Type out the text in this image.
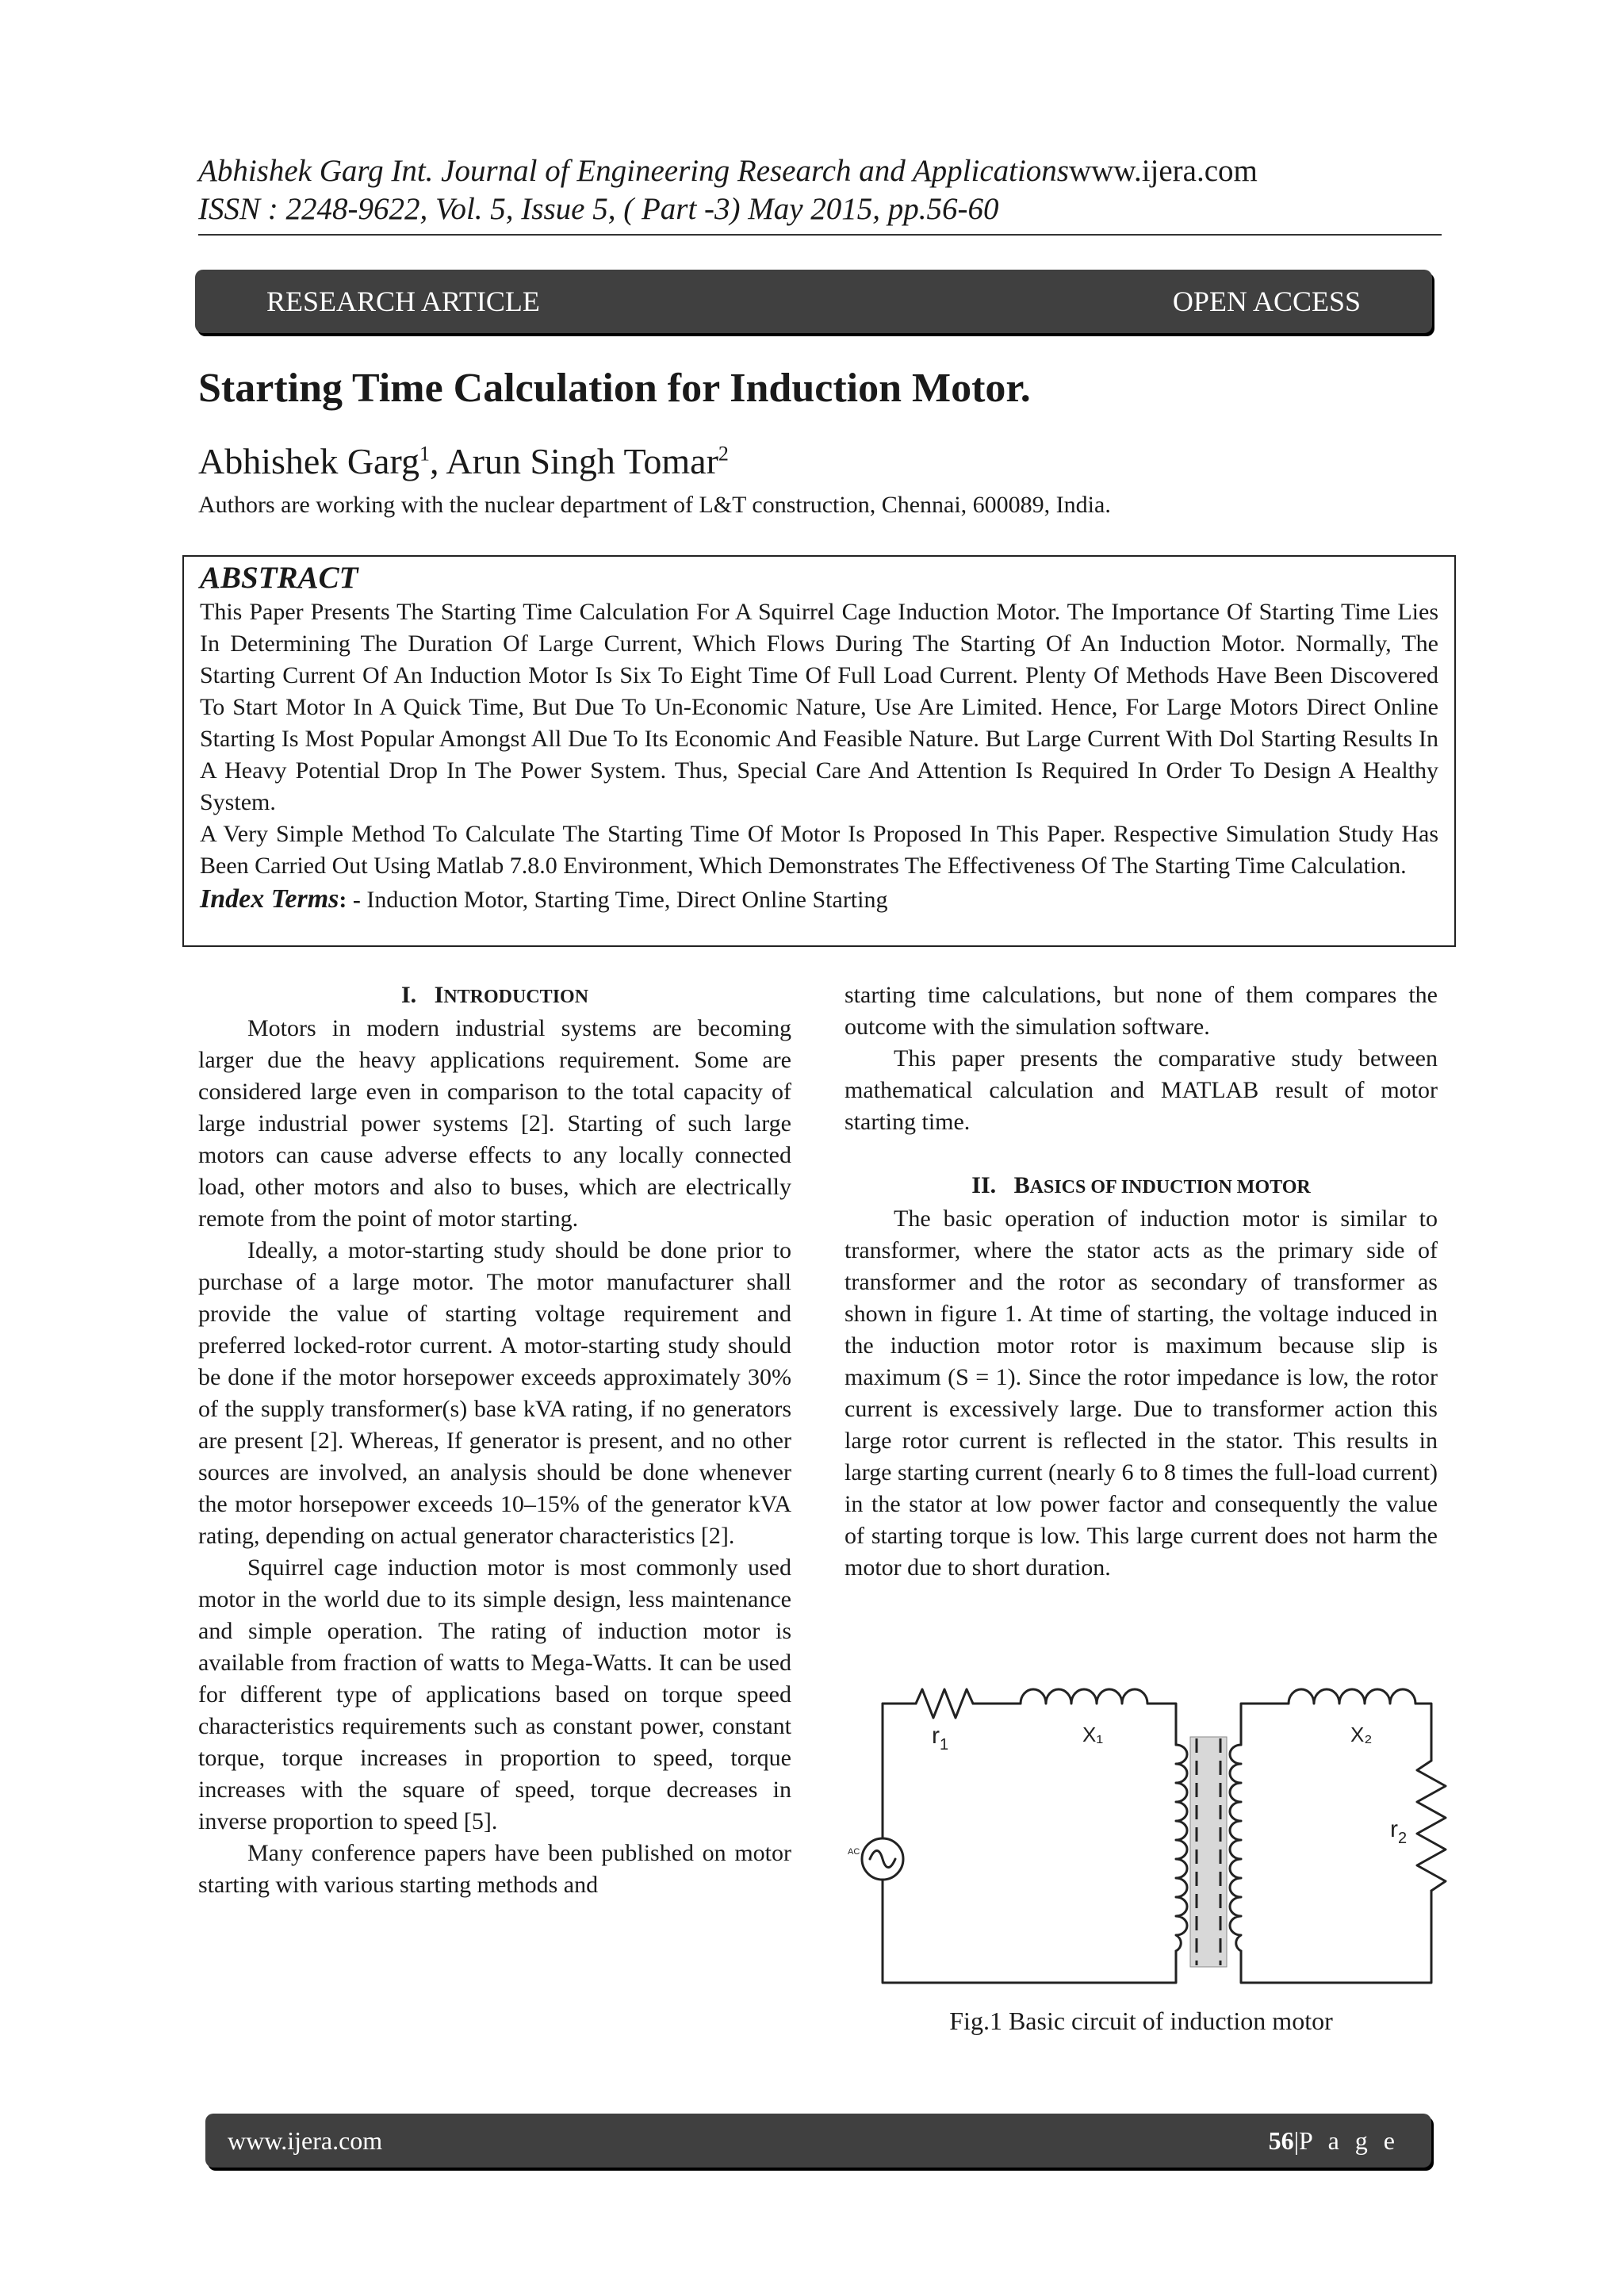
Abhishek Garg Int. Journal of Engineering Research and Applicationswww.ijera.com
ISSN : 2248-9622, Vol. 5, Issue 5, ( Part -3) May 2015, pp.56-60
RESEARCH ARTICLE	OPEN ACCESS
Starting Time Calculation for Induction Motor.
Abhishek Garg$^1$, Arun Singh Tomar$^2$
Authors are working with the nuclear department of L&T construction, Chennai, 600089, India.
ABSTRACT

This Paper Presents The Starting Time Calculation For A Squirrel Cage Induction Motor. The Importance Of Starting Time Lies In Determining The Duration Of Large Current, Which Flows During The Starting Of An Induction Motor. Normally, The Starting Current Of An Induction Motor Is Six To Eight Time Of Full Load Current. Plenty Of Methods Have Been Discovered To Start Motor In A Quick Time, But Due To Un-Economic Nature, Use Are Limited. Hence, For Large Motors Direct Online Starting Is Most Popular Amongst All Due To Its Economic And Feasible Nature. But Large Current With Dol Starting Results In A Heavy Potential Drop In The Power System. Thus, Special Care And Attention Is Required In Order To Design A Healthy System.

A Very Simple Method To Calculate The Starting Time Of Motor Is Proposed In This Paper. Respective Simulation Study Has Been Carried Out Using Matlab 7.8.0 Environment, Which Demonstrates The Effectiveness Of The Starting Time Calculation.

Index Terms: - Induction Motor, Starting Time, Direct Online Starting
I. INTRODUCTION

Motors in modern industrial systems are becoming larger due the heavy applications requirement. Some are considered large even in comparison to the total capacity of large industrial power systems [2]. Starting of such large motors can cause adverse effects to any locally connected load, other motors and also to buses, which are electrically remote from the point of motor starting.

Ideally, a motor-starting study should be done prior to purchase of a large motor. The motor manufacturer shall provide the value of starting voltage requirement and preferred locked-rotor current. A motor-starting study should be done if the motor horsepower exceeds approximately 30% of the supply transformer(s) base kVA rating, if no generators are present [2]. Whereas, If generator is present, and no other sources are involved, an analysis should be done whenever the motor horsepower exceeds 10–15% of the generator kVA rating, depending on actual generator characteristics [2].

Squirrel cage induction motor is most commonly used motor in the world due to its simple design, less maintenance and simple operation. The rating of induction motor is available from fraction of watts to Mega-Watts. It can be used for different type of applications based on torque speed characteristics requirements such as constant power, constant torque, torque increases in proportion to speed, torque increases with the square of speed, torque decreases in inverse proportion to speed [5].

Many conference papers have been published on motor starting with various starting methods and

starting time calculations, but none of them compares the outcome with the simulation software.

This paper presents the comparative study between mathematical calculation and MATLAB result of motor starting time.

II. BASICS OF INDUCTION MOTOR

The basic operation of induction motor is similar to transformer, where the stator acts as the primary side of transformer and the rotor as secondary of transformer as shown in figure 1. At time of starting, the voltage induced in the induction motor rotor is maximum because slip is maximum (S = 1). Since the rotor impedance is low, the rotor current is excessively large. Due to transformer action this large rotor current is reflected in the stator. This results in large starting current (nearly 6 to 8 times the full-load current) in the stator at low power factor and consequently the value of starting torque is low. This large current does not harm the motor due to short duration.

$r_1$	X₁	X₂
$r_2$
AC
Fig.1 Basic circuit of induction motor
www.ijera.com	56|P a g e
